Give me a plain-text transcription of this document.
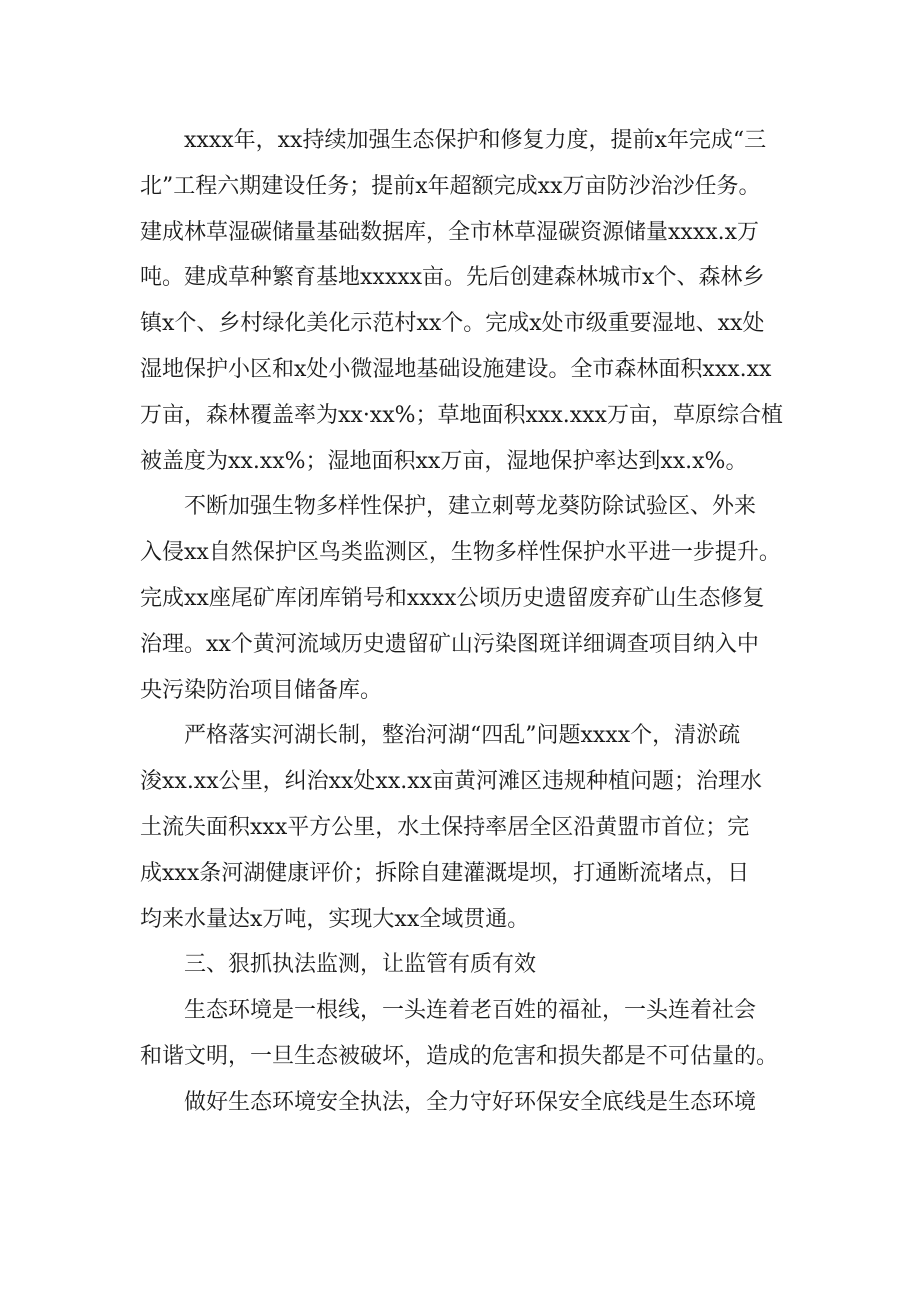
xxxx年，xx持续加强生态保护和修复力度，提前x年完成“三
北”工程六期建设任务；提前x年超额完成xx万亩防沙治沙任务。
建成林草湿碳储量基础数据库，全市林草湿碳资源储量xxxx.x万
吨。建成草种繁育基地xxxxx亩。先后创建森林城市x个、森林乡
镇x个、乡村绿化美化示范村xx个。完成x处市级重要湿地、xx处
湿地保护小区和x处小微湿地基础设施建设。全市森林面积xxx.xx
万亩，森林覆盖率为xx·xx%；草地面积xxx.xxx万亩，草原综合植
被盖度为xx.xx%；湿地面积xx万亩，湿地保护率达到xx.x%。

不断加强生物多样性保护，建立刺萼龙葵防除试验区、外来
入侵xx自然保护区鸟类监测区，生物多样性保护水平进一步提升。
完成xx座尾矿库闭库销号和xxxx公顷历史遗留废弃矿山生态修复
治理。xx个黄河流域历史遗留矿山污染图斑详细调查项目纳入中
央污染防治项目储备库。

严格落实河湖长制，整治河湖“四乱”问题xxxx个，清淤疏
浚xx.xx公里，纠治xx处xx.xx亩黄河滩区违规种植问题；治理水
土流失面积xxx平方公里，水土保持率居全区沿黄盟市首位；完
成xxx条河湖健康评价；拆除自建灌溉堤坝，打通断流堵点，日
均来水量达x万吨，实现大xx全域贯通。

三、狠抓执法监测，让监管有质有效

生态环境是一根线，一头连着老百姓的福祉，一头连着社会
和谐文明，一旦生态被破坏，造成的危害和损失都是不可估量的。

做好生态环境安全执法，全力守好环保安全底线是生态环境
